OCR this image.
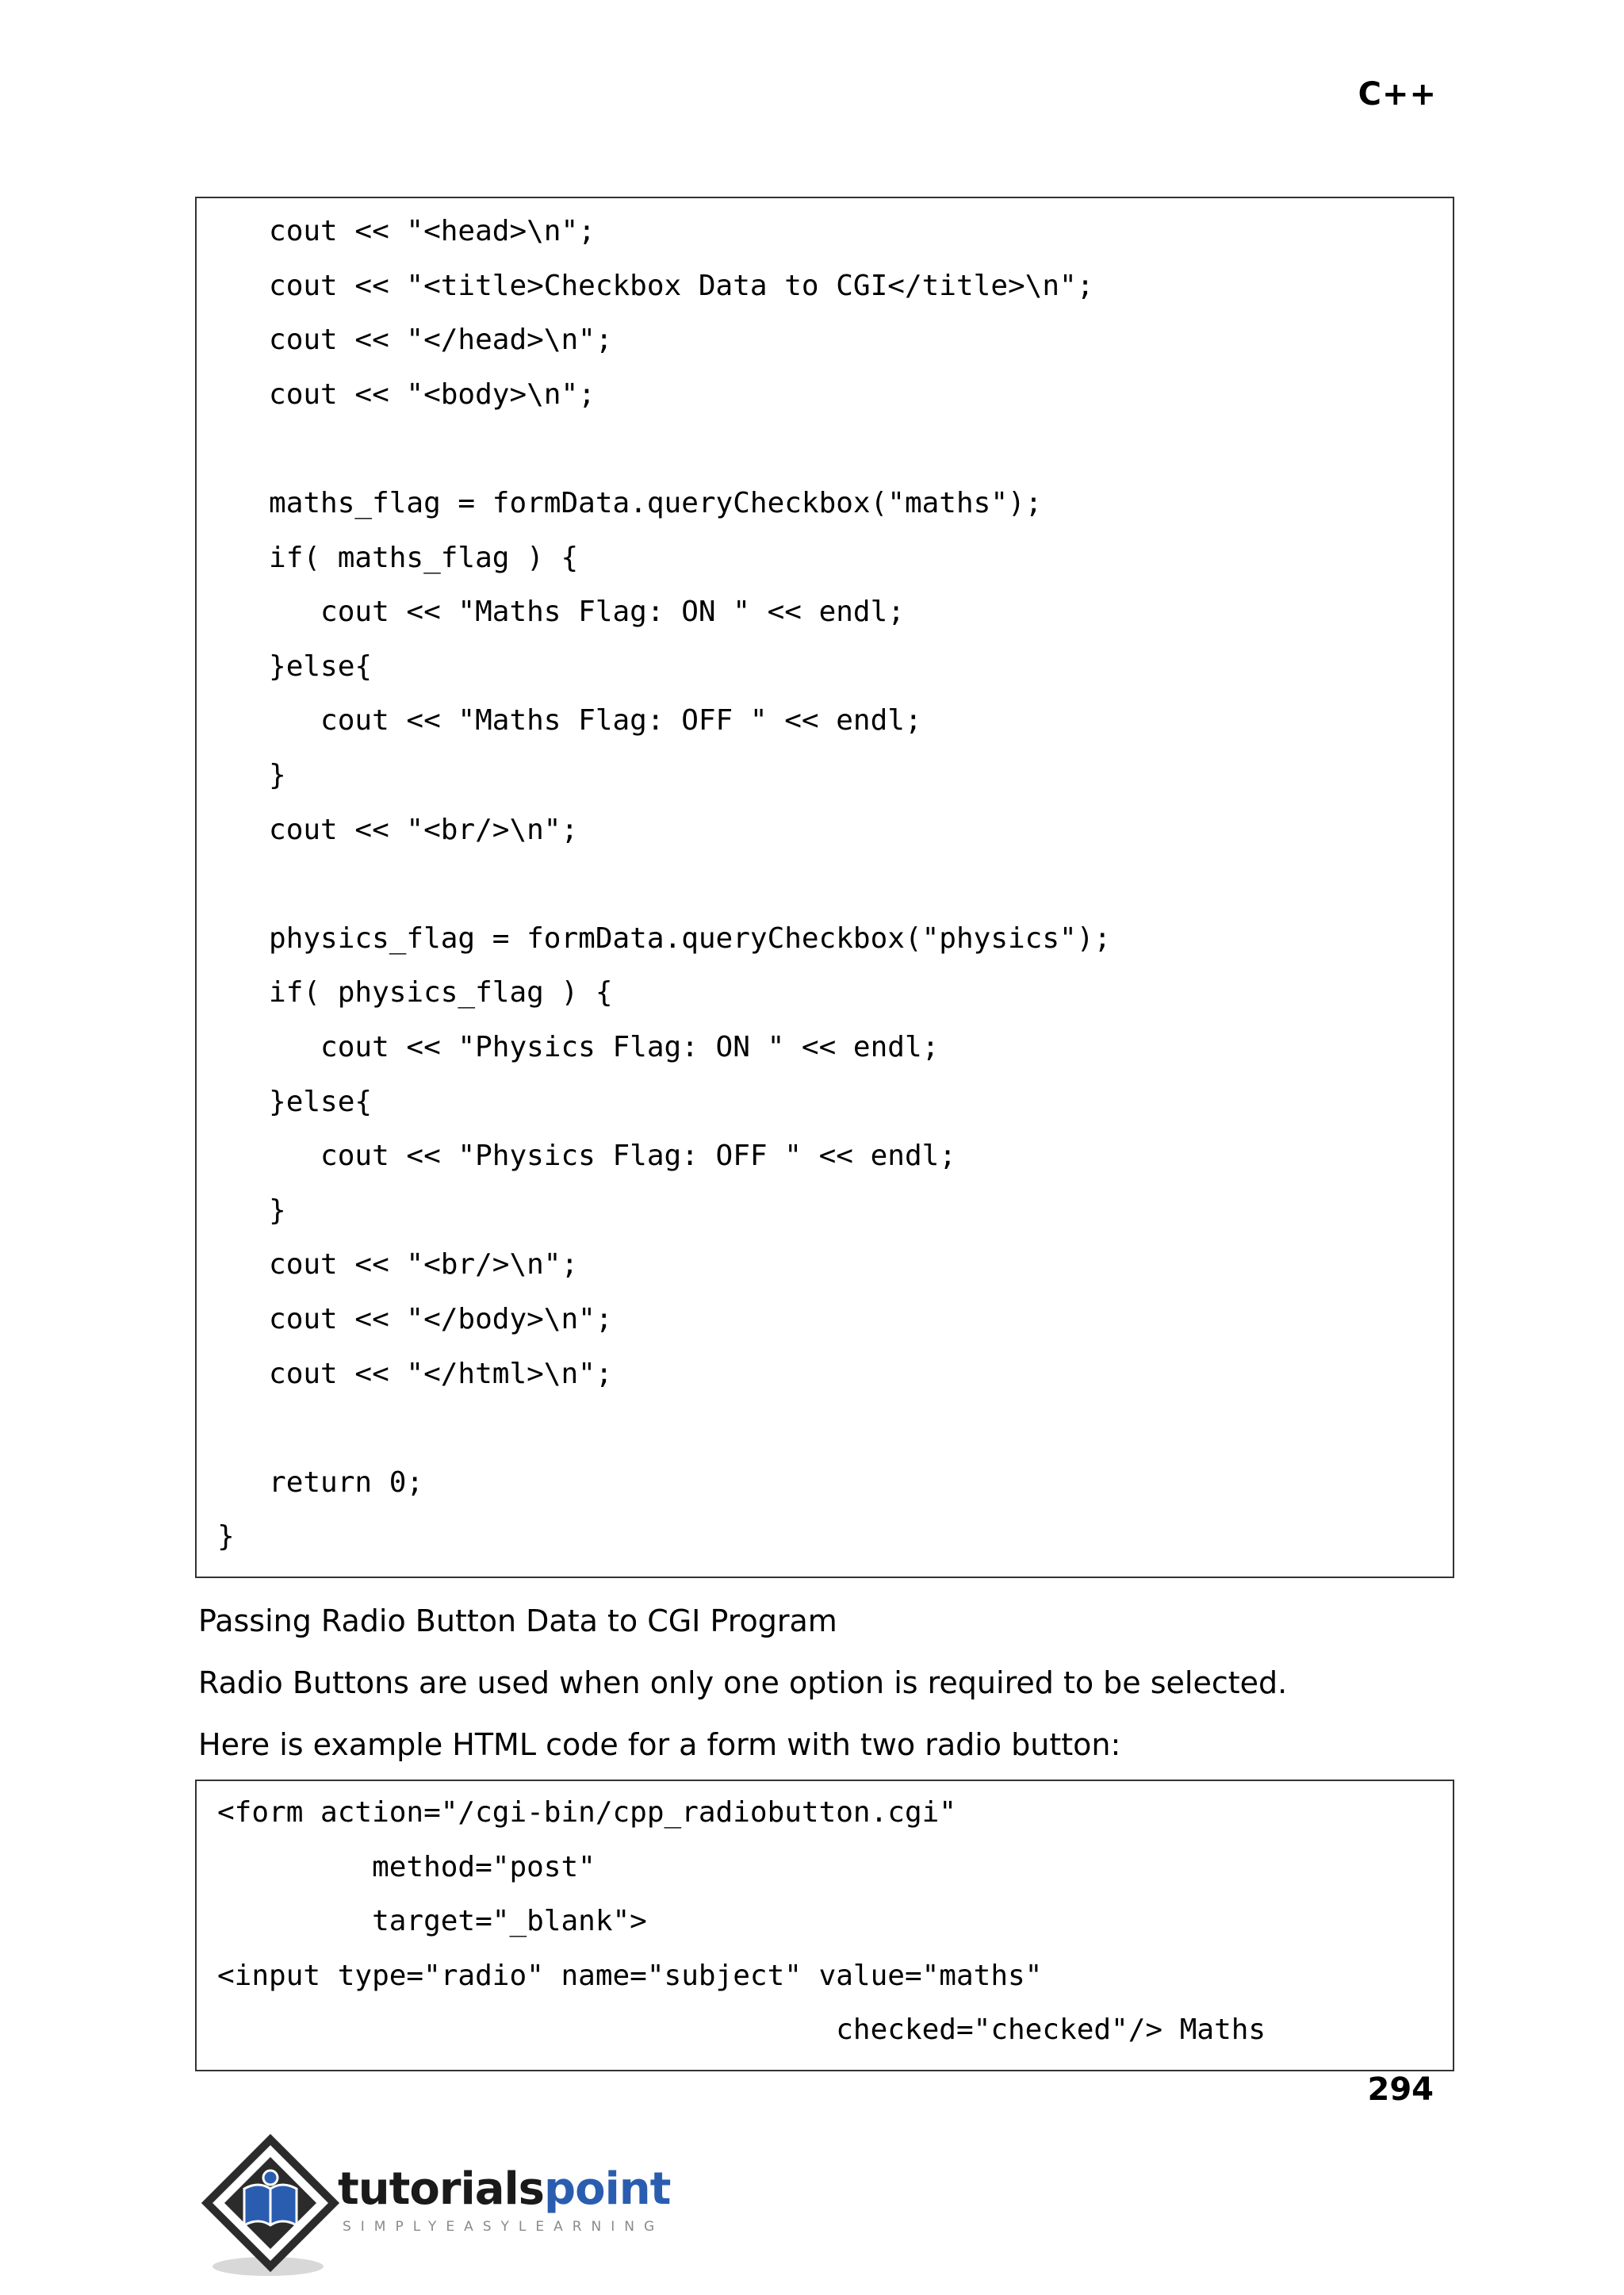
C++
cout << "<head>\n";
cout << "<title>Checkbox Data to CGI</title>\n";
cout << "</head>\n";
cout << "<body>\n";
maths_flag = formData.queryCheckbox("maths");
if( maths_flag ) {
cout << "Maths Flag: ON " << endl;
}else{
cout << "Maths Flag: OFF " << endl;
}
cout << "<br/>\n";
physics_flag = formData.queryCheckbox("physics");
if( physics_flag ) {
cout << "Physics Flag: ON " << endl;
}else{
cout << "Physics Flag: OFF " << endl;
}
cout << "<br/>\n";
cout << "</body>\n";
cout << "</html>\n";
return 0;
}
Passing Radio Button Data to CGI Program
Radio Buttons are used when only one option is required to be selected.
Here is example HTML code for a form with two radio button:
<form action="/cgi-bin/cpp_radiobutton.cgi"
method="post"
target="_blank">
<input type="radio" name="subject" value="maths"
checked="checked"/> Maths
294
tutorialspoint
SIMPLYEASYLEARNING
